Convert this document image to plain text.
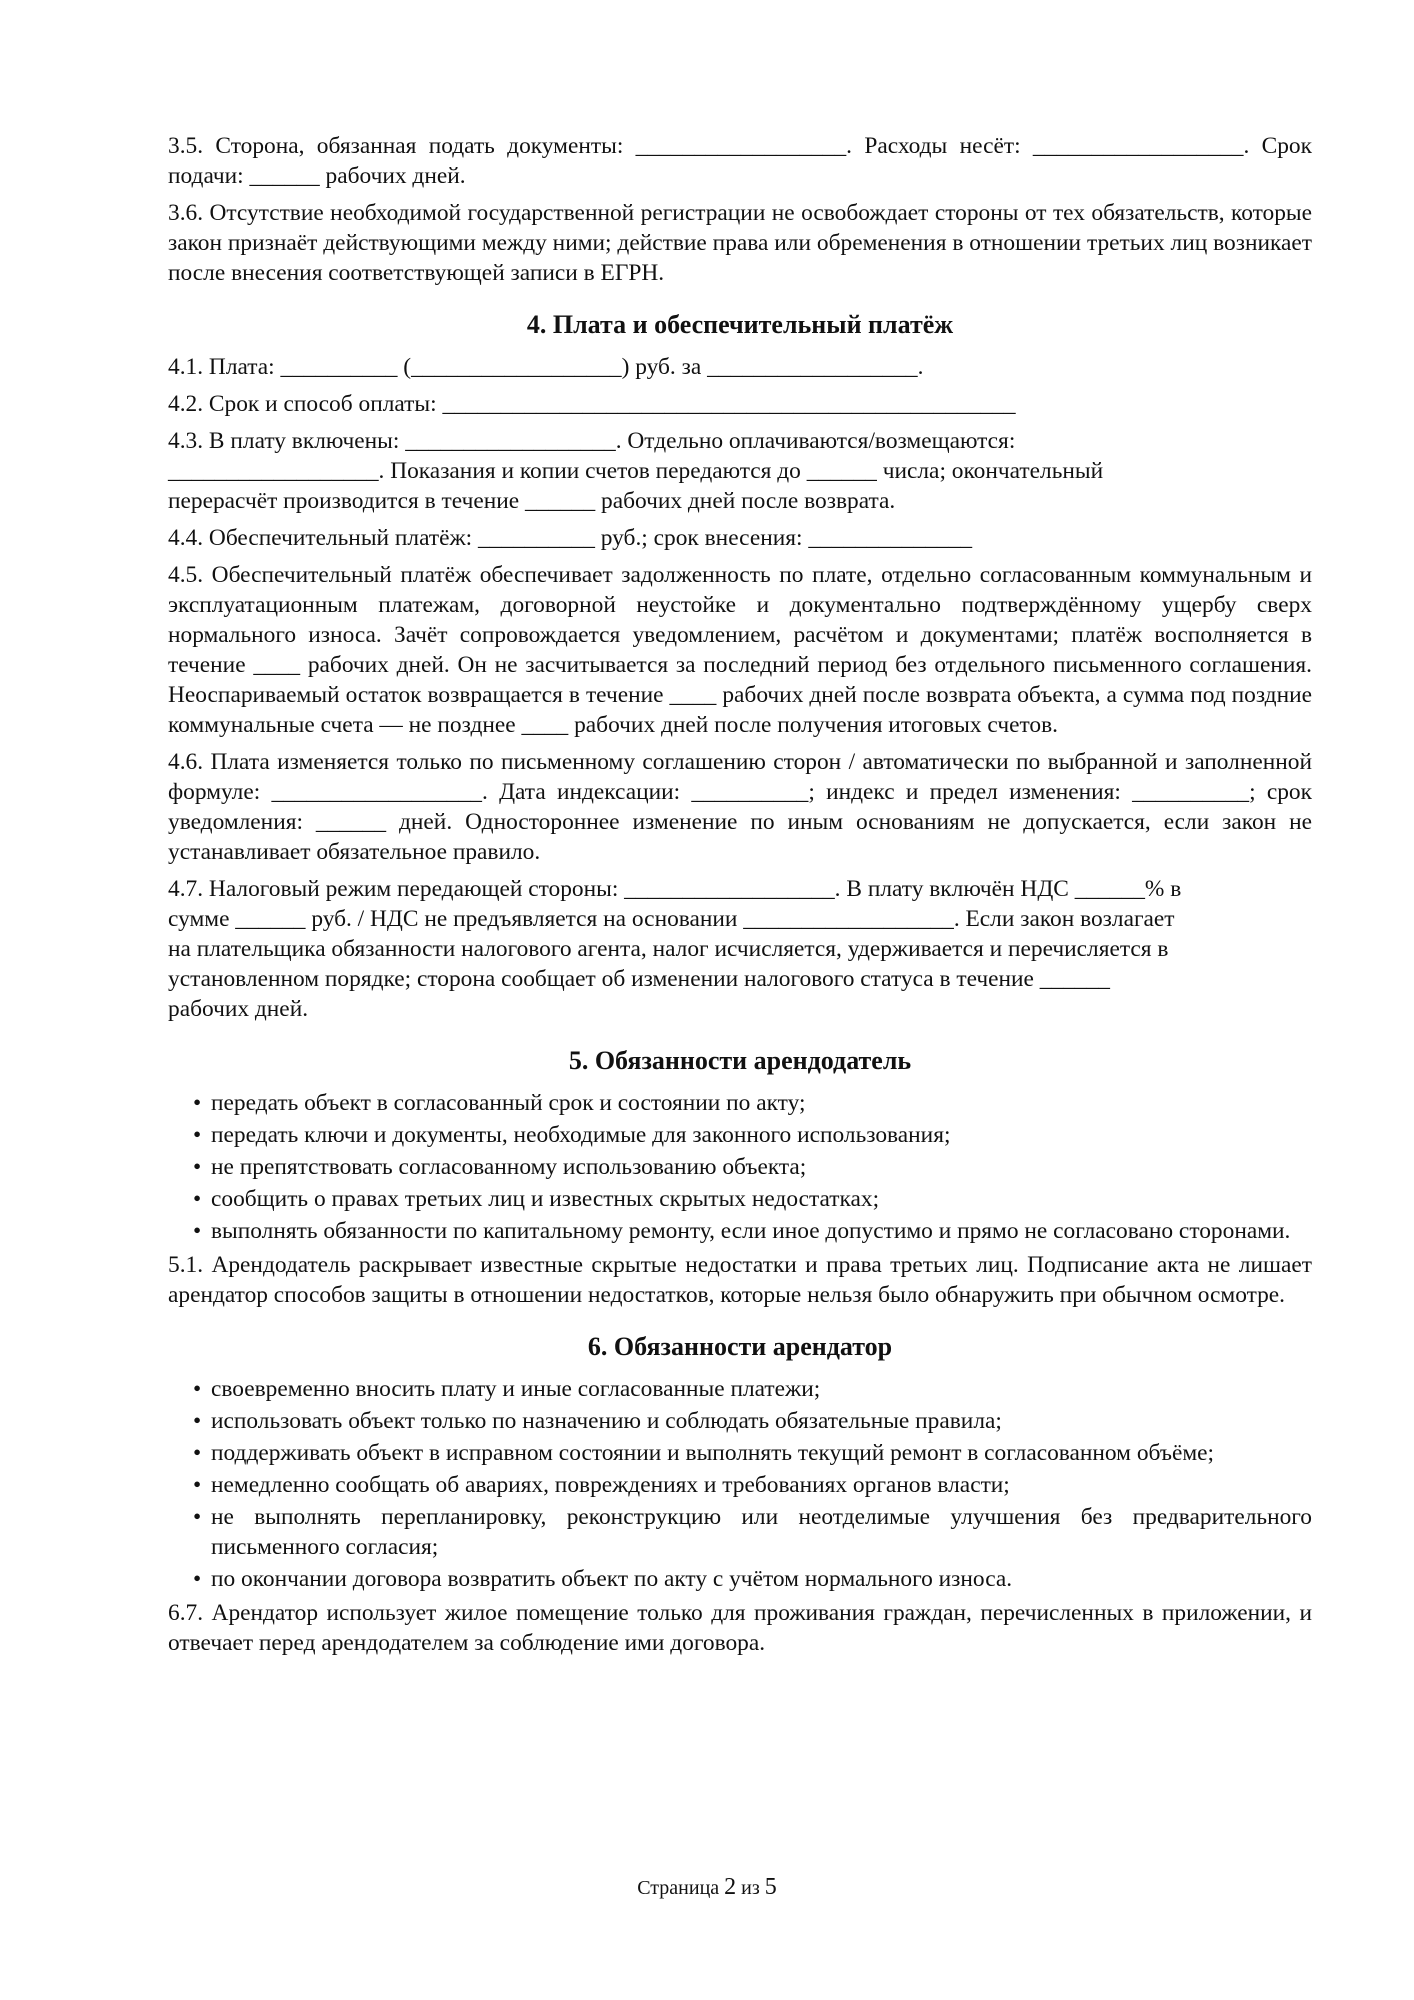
3.5. Сторона, обязанная подать документы: __________________. Расходы несёт: __________________. Срок подачи: ______ рабочих дней.

3.6. Отсутствие необходимой государственной регистрации не освобождает стороны от тех обязательств, которые закон признаёт действующими между ними; действие права или обременения в отношении третьих лиц возникает после внесения соответствующей записи в ЕГРН.

4. Плата и обеспечительный платёж

4.1. Плата: __________ (__________________) руб. за __________________.

4.2. Срок и способ оплаты: _________________________________________________

4.3. В плату включены: __________________. Отдельно оплачиваются/возмещаются:
__________________. Показания и копии счетов передаются до ______ числа; окончательный
перерасчёт производится в течение ______ рабочих дней после возврата.

4.4. Обеспечительный платёж: __________ руб.; срок внесения: ______________

4.5. Обеспечительный платёж обеспечивает задолженность по плате, отдельно согласованным коммунальным и эксплуатационным платежам, договорной неустойке и документально подтверждённому ущербу сверх нормального износа. Зачёт сопровождается уведомлением, расчётом и документами; платёж восполняется в течение ____ рабочих дней. Он не засчитывается за последний период без отдельного письменного соглашения. Неоспариваемый остаток возвращается в течение ____ рабочих дней после возврата объекта, а сумма под поздние коммунальные счета — не позднее ____ рабочих дней после получения итоговых счетов.

4.6. Плата изменяется только по письменному соглашению сторон / автоматически по выбранной и заполненной формуле: __________________. Дата индексации: __________; индекс и предел изменения: __________; срок уведомления: ______ дней. Одностороннее изменение по иным основаниям не допускается, если закон не устанавливает обязательное правило.

4.7. Налоговый режим передающей стороны: __________________. В плату включён НДС ______% в
сумме ______ руб. / НДС не предъявляется на основании __________________. Если закон возлагает
на плательщика обязанности налогового агента, налог исчисляется, удерживается и перечисляется в
установленном порядке; сторона сообщает об изменении налогового статуса в течение ______
рабочих дней.

5. Обязанности арендодатель
• передать объект в согласованный срок и состоянии по акту;
• передать ключи и документы, необходимые для законного использования;
• не препятствовать согласованному использованию объекта;
• сообщить о правах третьих лиц и известных скрытых недостатках;
• выполнять обязанности по капитальному ремонту, если иное допустимо и прямо не согласовано сторонами.

5.1. Арендодатель раскрывает известные скрытые недостатки и права третьих лиц. Подписание акта не лишает арендатор способов защиты в отношении недостатков, которые нельзя было обнаружить при обычном осмотре.

6. Обязанности арендатор
• своевременно вносить плату и иные согласованные платежи;
• использовать объект только по назначению и соблюдать обязательные правила;
• поддерживать объект в исправном состоянии и выполнять текущий ремонт в согласованном объёме;
• немедленно сообщать об авариях, повреждениях и требованиях органов власти;
• не выполнять перепланировку, реконструкцию или неотделимые улучшения без предварительного письменного согласия;
• по окончании договора возвратить объект по акту с учётом нормального износа.

6.7. Арендатор использует жилое помещение только для проживания граждан, перечисленных в приложении, и отвечает перед арендодателем за соблюдение ими договора.

Страница 2 из 5
